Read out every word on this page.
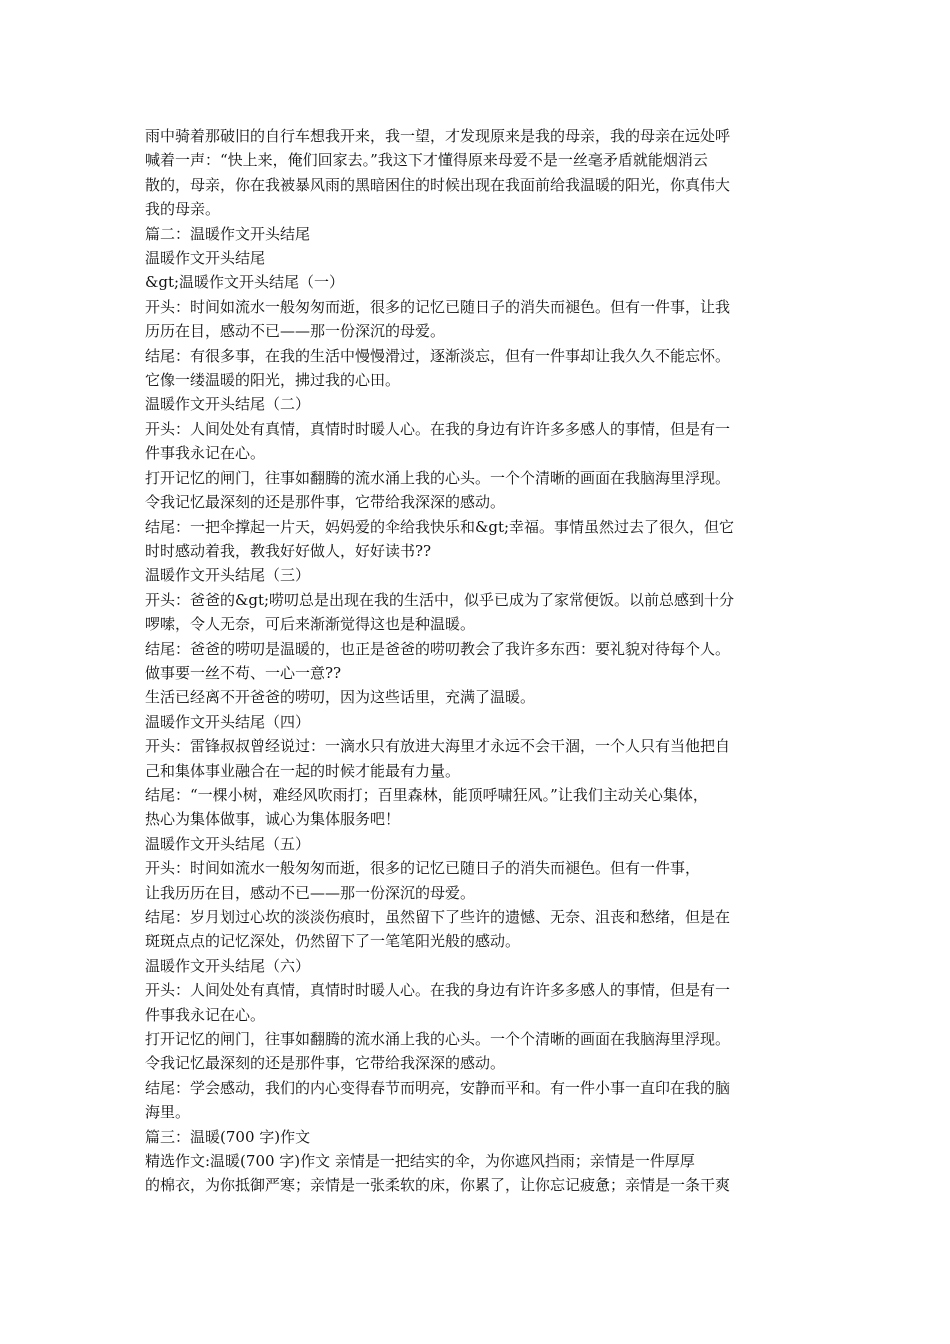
雨中骑着那破旧的自行车想我开来，我一望，才发现原来是我的母亲，我的母亲在远处呼

喊着一声：“快上来，俺们回家去。”我这下才懂得原来母爱不是一丝毫矛盾就能烟消云

散的，母亲，你在我被暴风雨的黑暗困住的时候出现在我面前给我温暖的阳光，你真伟大

我的母亲。

篇二：温暖作文开头结尾

温暖作文开头结尾

&gt;温暖作文开头结尾（一）

开头：时间如流水一般匆匆而逝，很多的记忆已随日子的消失而褪色。但有一件事，让我

历历在目，感动不已——那一份深沉的母爱。

结尾：有很多事，在我的生活中慢慢滑过，逐渐淡忘，但有一件事却让我久久不能忘怀。

它像一缕温暖的阳光，拂过我的心田。

温暖作文开头结尾（二）

开头：人间处处有真情，真情时时暖人心。在我的身边有许许多多感人的事情，但是有一

件事我永记在心。

打开记忆的闸门，往事如翻腾的流水涌上我的心头。一个个清晰的画面在我脑海里浮现。

令我记忆最深刻的还是那件事，它带给我深深的感动。

结尾：一把伞撑起一片天，妈妈爱的伞给我快乐和&gt;幸福。事情虽然过去了很久，但它

时时感动着我，教我好好做人，好好读书??

温暖作文开头结尾（三）

开头：爸爸的&gt;唠叨总是出现在我的生活中，似乎已成为了家常便饭。以前总感到十分

啰嗦，令人无奈，可后来渐渐觉得这也是种温暖。

结尾：爸爸的唠叨是温暖的，也正是爸爸的唠叨教会了我许多东西：要礼貌对待每个人。

做事要一丝不苟、一心一意??

生活已经离不开爸爸的唠叨，因为这些话里，充满了温暖。

温暖作文开头结尾（四）

开头：雷锋叔叔曾经说过：一滴水只有放进大海里才永远不会干涸，一个人只有当他把自

己和集体事业融合在一起的时候才能最有力量。

结尾：“一棵小树，难经风吹雨打；百里森林，能顶呼啸狂风。”让我们主动关心集体，

热心为集体做事，诚心为集体服务吧！

温暖作文开头结尾（五）

开头：时间如流水一般匆匆而逝，很多的记忆已随日子的消失而褪色。但有一件事，

让我历历在目，感动不已——那一份深沉的母爱。

结尾：岁月划过心坎的淡淡伤痕时，虽然留下了些许的遗憾、无奈、沮丧和愁绪，但是在

斑斑点点的记忆深处，仍然留下了一笔笔阳光般的感动。

温暖作文开头结尾（六）

开头：人间处处有真情，真情时时暖人心。在我的身边有许许多多感人的事情，但是有一

件事我永记在心。

打开记忆的闸门，往事如翻腾的流水涌上我的心头。一个个清晰的画面在我脑海里浮现。

令我记忆最深刻的还是那件事，它带给我深深的感动。

结尾：学会感动，我们的内心变得春节而明亮，安静而平和。有一件小事一直印在我的脑

海里。

篇三：温暖(700 字)作文

精选作文:温暖(700 字)作文 亲情是一把结实的伞，为你遮风挡雨；亲情是一件厚厚

的棉衣，为你抵御严寒；亲情是一张柔软的床，你累了，让你忘记疲惫；亲情是一条干爽
